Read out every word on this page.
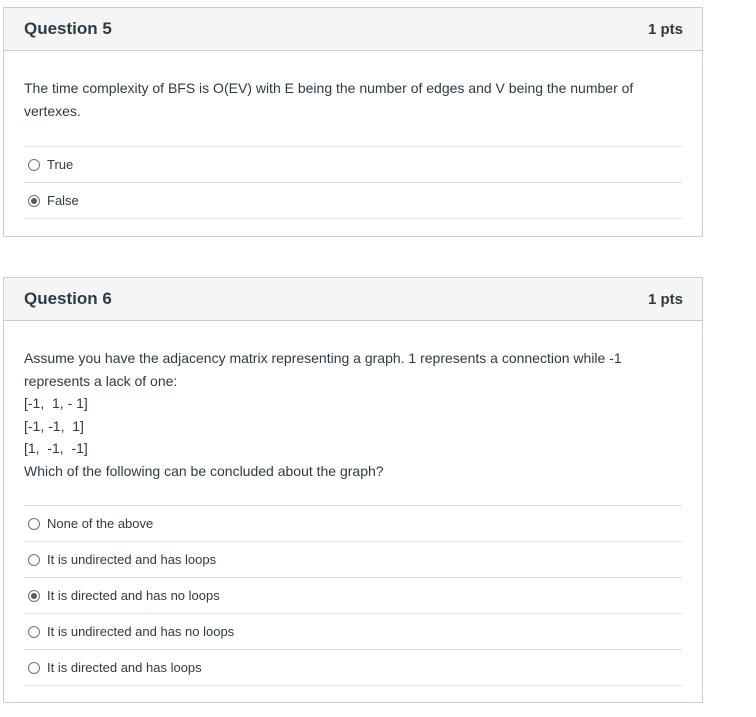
Question 5	1 pts
The time complexity of BFS is O(EV) with E being the number of edges and V being the number of vertexes.
True
False
Question 6	1 pts
Assume you have the adjacency matrix representing a graph. 1 represents a connection while -1 represents a lack of one:
[-1,  1, - 1]
[-1, -1,  1]
[1,  -1,  -1]
Which of the following can be concluded about the graph?
None of the above
It is undirected and has loops
It is directed and has no loops
It is undirected and has no loops
It is directed and has loops
